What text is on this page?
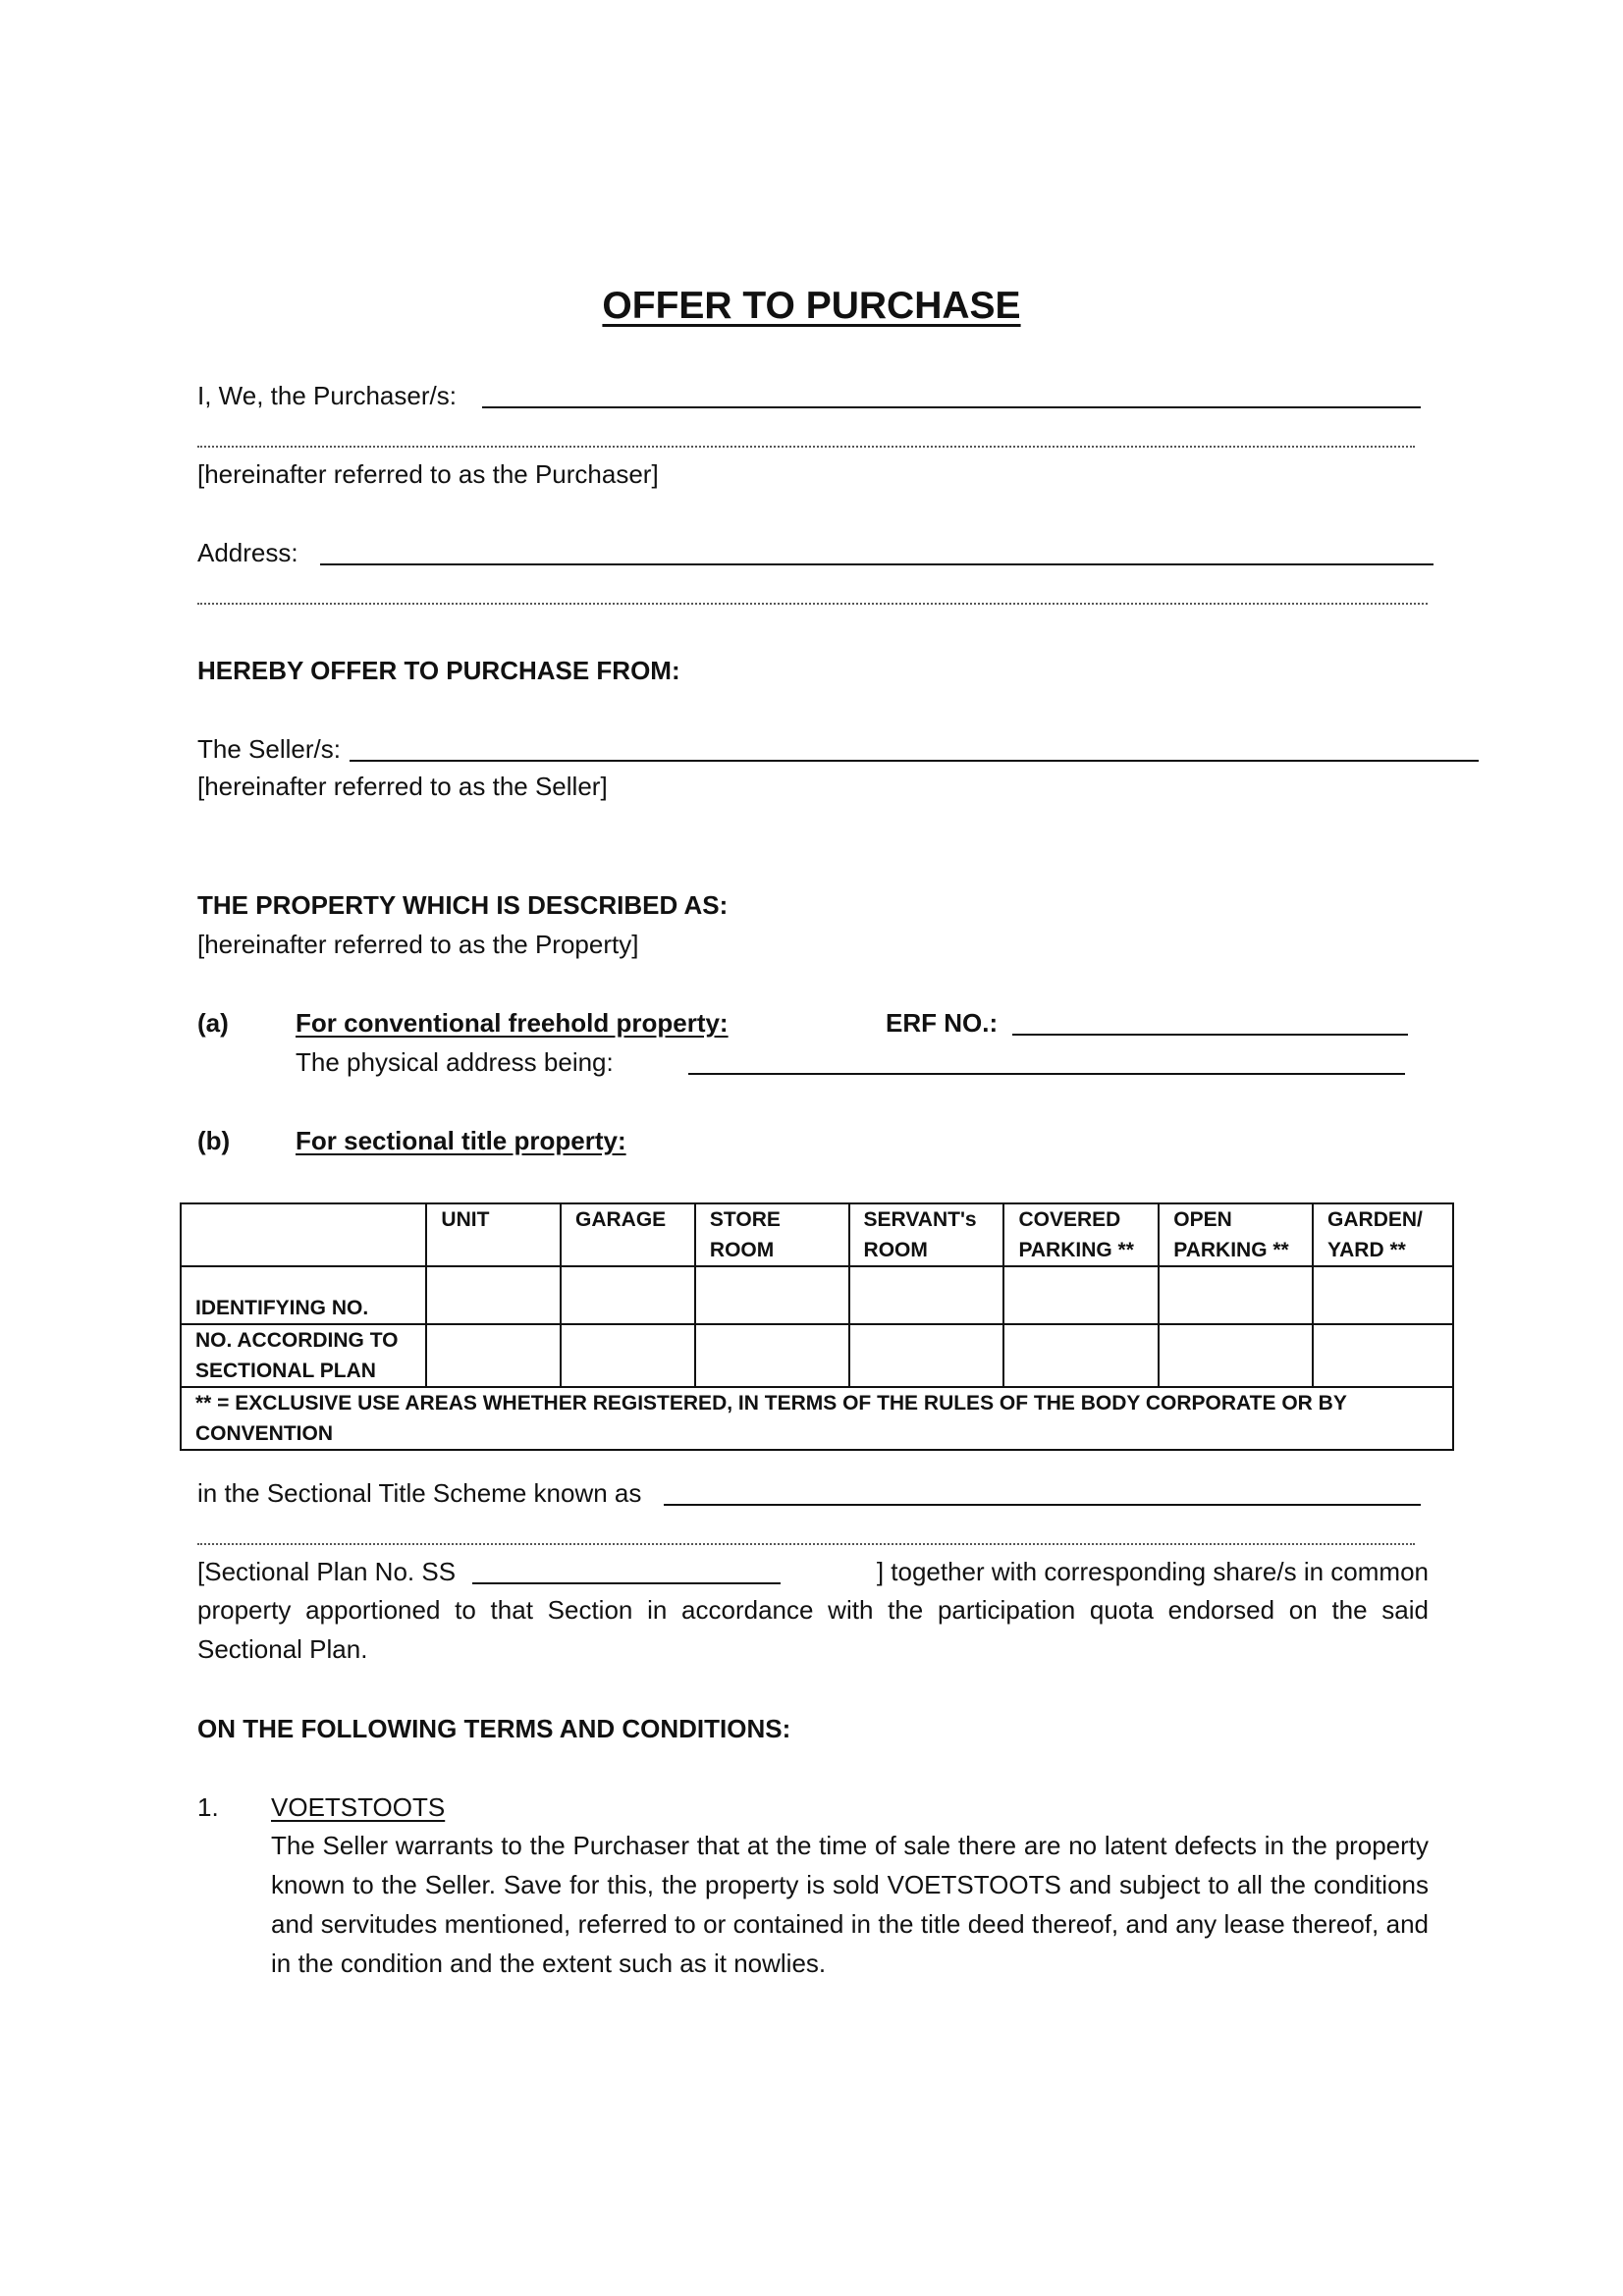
OFFER TO PURCHASE
I, We, the Purchaser/s:
[hereinafter referred to as the Purchaser]
Address:
HEREBY OFFER TO PURCHASE FROM:
The Seller/s:
[hereinafter referred to as the Seller]
THE PROPERTY WHICH IS DESCRIBED AS:
[hereinafter referred to as the Property]
(a)	For conventional freehold property:	ERF NO.:
The physical address being:
(b)	For sectional title property:
	UNIT	GARAGE	STORE ROOM	SERVANT's ROOM	COVERED PARKING **	OPEN PARKING **	GARDEN/ YARD **
IDENTIFYING NO.							
NO. ACCORDING TO SECTIONAL PLAN							
** = EXCLUSIVE USE AREAS WHETHER REGISTERED, IN TERMS OF THE RULES OF THE BODY CORPORATE OR BY CONVENTION							
in the Sectional Title Scheme known as
[Sectional Plan No. SS	] together with corresponding share/s in common
property apportioned to that Section in accordance with the participation quota endorsed on the said Sectional Plan.
ON THE FOLLOWING TERMS AND CONDITIONS:
1. VOETSTOOTS
The Seller warrants to the Purchaser that at the time of sale there are no latent defects in the property known to the Seller. Save for this, the property is sold VOETSTOOTS and subject to all the conditions and servitudes mentioned, referred to or contained in the title deed thereof, and any lease thereof, and in the condition and the extent such as it nowlies.
